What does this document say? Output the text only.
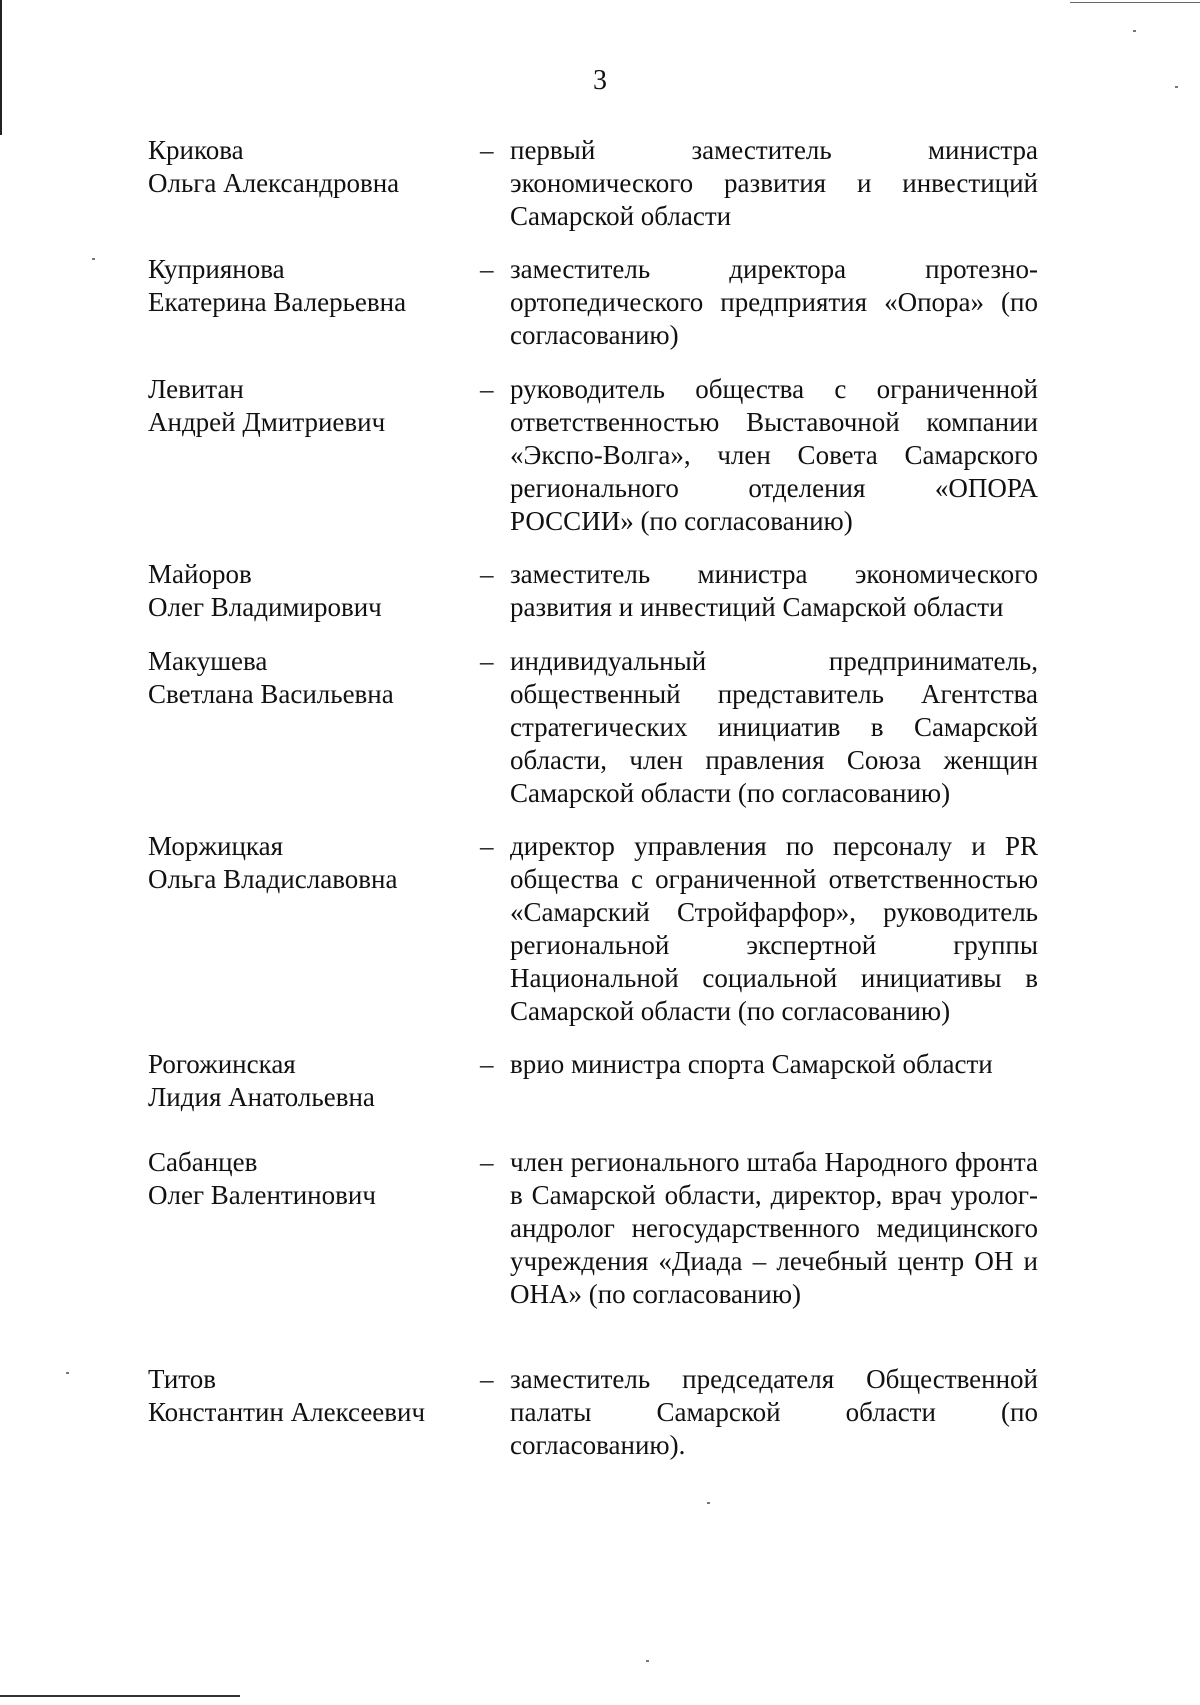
3
Крикова
Ольга Александровна
– первый заместитель министра экономического развития и инвестиций Самарской области
Куприянова
Екатерина Валерьевна
– заместитель директора протезно-ортопедического предприятия «Опора» (по согласованию)
Левитан
Андрей Дмитриевич
– руководитель общества с ограниченной ответственностью Выставочной компании «Экспо-Волга», член Совета Самарского регионального отделения «ОПОРА РОССИИ» (по согласованию)
Майоров
Олег Владимирович
– заместитель министра экономического развития и инвестиций Самарской области
Макушева
Светлана Васильевна
– индивидуальный предприниматель, общественный представитель Агентства стратегических инициатив в Самарской области, член правления Союза женщин Самарской области (по согласованию)
Моржицкая
Ольга Владиславовна
– директор управления по персоналу и PR общества с ограниченной ответственностью «Самарский Стройфарфор», руководитель региональной экспертной группы Национальной социальной инициативы в Самарской области (по согласованию)
Рогожинская
Лидия Анатольевна
– врио министра спорта Самарской области
Сабанцев
Олег Валентинович
– член регионального штаба Народного фронта в Самарской области, директор, врач уролог-андролог негосударственного медицинского учреждения «Диада – лечебный центр ОН и ОНА» (по согласованию)
Титов
Константин Алексеевич
– заместитель председателя Общественной палаты Самарской области (по согласованию).
